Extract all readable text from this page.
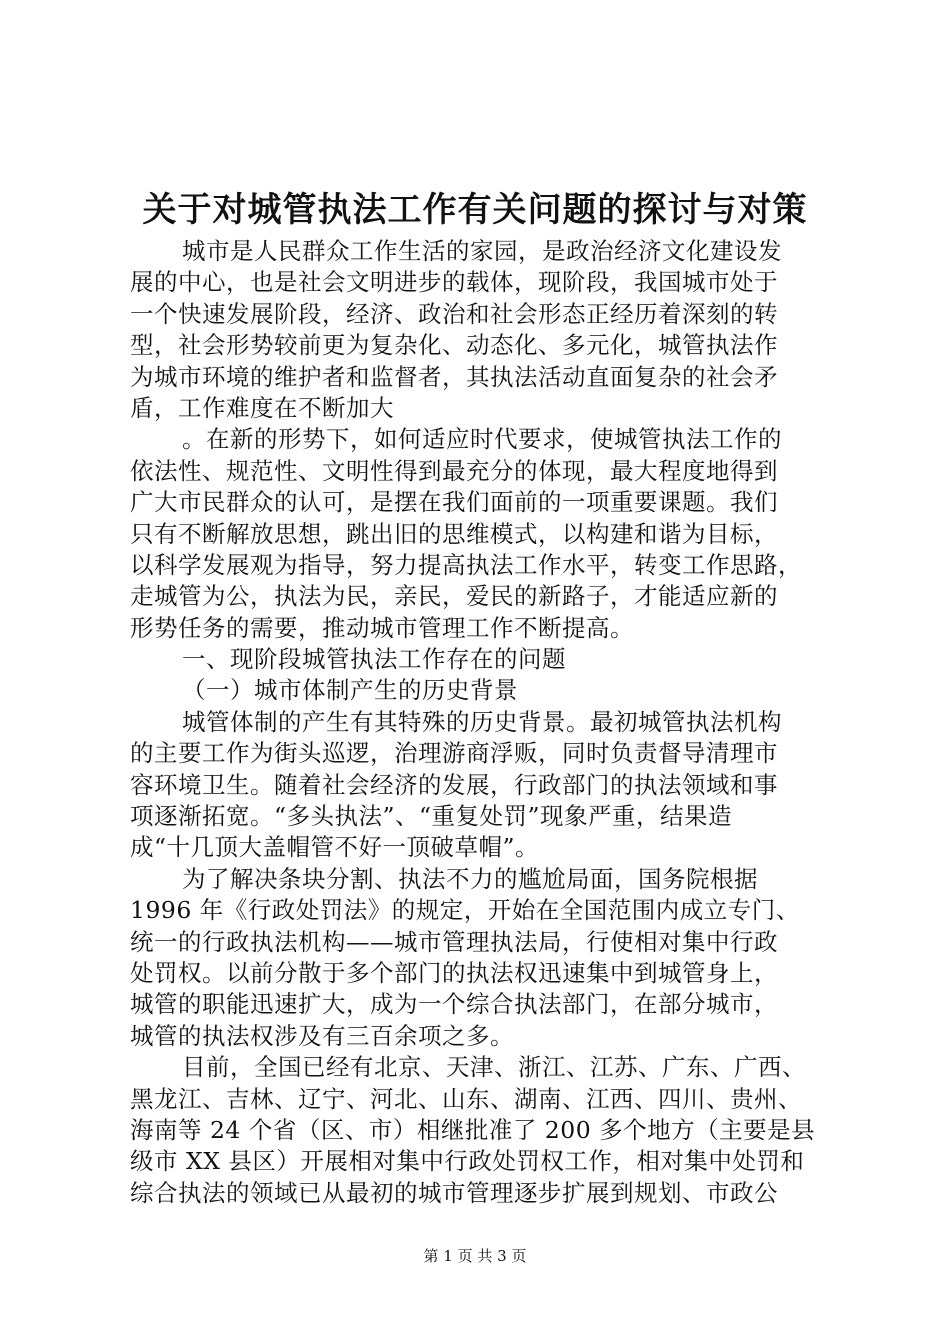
关于对城管执法工作有关问题的探讨与对策
城市是人民群众工作生活的家园，是政治经济文化建设发
展的中心，也是社会文明进步的载体，现阶段，我国城市处于
一个快速发展阶段，经济、政治和社会形态正经历着深刻的转
型，社会形势较前更为复杂化、动态化、多元化，城管执法作
为城市环境的维护者和监督者，其执法活动直面复杂的社会矛
盾，工作难度在不断加大
。在新的形势下，如何适应时代要求，使城管执法工作的
依法性、规范性、文明性得到最充分的体现，最大程度地得到
广大市民群众的认可，是摆在我们面前的一项重要课题。我们
只有不断解放思想，跳出旧的思维模式，以构建和谐为目标，
以科学发展观为指导，努力提高执法工作水平，转变工作思路，
走城管为公，执法为民，亲民，爱民的新路子，才能适应新的
形势任务的需要，推动城市管理工作不断提高。
一、现阶段城管执法工作存在的问题
（一）城市体制产生的历史背景
城管体制的产生有其特殊的历史背景。最初城管执法机构
的主要工作为街头巡逻，治理游商浮贩，同时负责督导清理市
容环境卫生。随着社会经济的发展，行政部门的执法领域和事
项逐渐拓宽。“多头执法”、“重复处罚”现象严重，结果造
成“十几顶大盖帽管不好一顶破草帽”。
为了解决条块分割、执法不力的尴尬局面，国务院根据
1996 年《行政处罚法》的规定，开始在全国范围内成立专门、
统一的行政执法机构——城市管理执法局，行使相对集中行政
处罚权。以前分散于多个部门的执法权迅速集中到城管身上，
城管的职能迅速扩大，成为一个综合执法部门，在部分城市，
城管的执法权涉及有三百余项之多。
目前，全国已经有北京、天津、浙江、江苏、广东、广西、
黑龙江、吉林、辽宁、河北、山东、湖南、江西、四川、贵州、
海南等 24 个省（区、市）相继批准了 200 多个地方（主要是县
级市 XX 县区）开展相对集中行政处罚权工作，相对集中处罚和
综合执法的领域已从最初的城市管理逐步扩展到规划、市政公
第 1 页 共 3 页
